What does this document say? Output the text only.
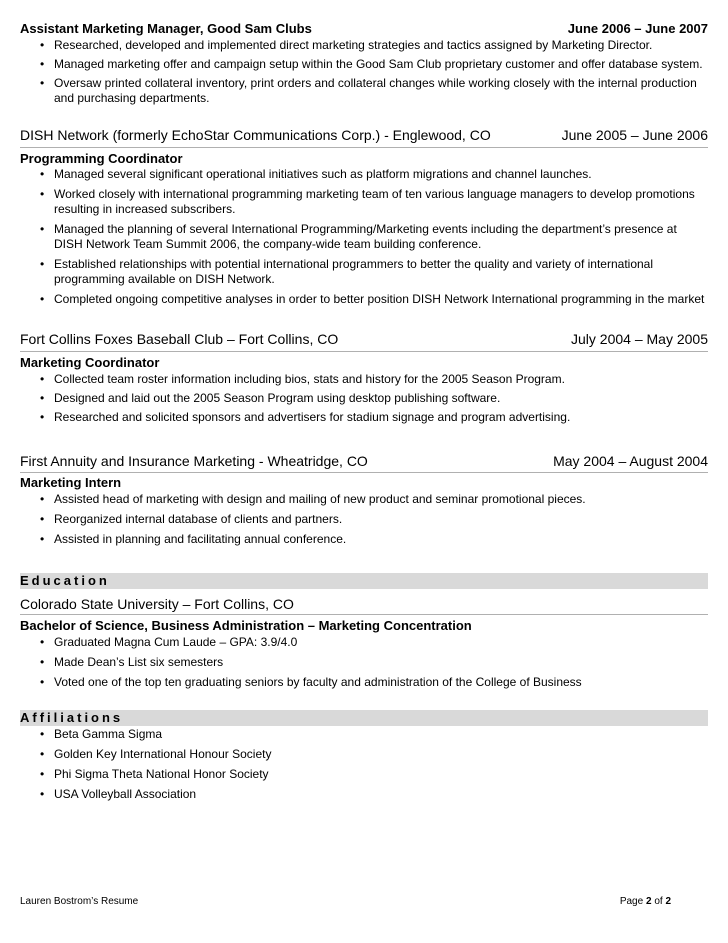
Assistant Marketing Manager, Good Sam Clubs	June 2006 – June 2007
• Researched, developed and implemented direct marketing strategies and tactics assigned by Marketing Director.
• Managed marketing offer and campaign setup within the Good Sam Club proprietary customer and offer database system.
• Oversaw printed collateral inventory, print orders and collateral changes while working closely with the internal production and purchasing departments.
DISH Network (formerly EchoStar Communications Corp.) - Englewood, CO	June 2005 – June 2006
Programming Coordinator
• Managed several significant operational initiatives such as platform migrations and channel launches.
• Worked closely with international programming marketing team of ten various language managers to develop promotions resulting in increased subscribers.
• Managed the planning of several International Programming/Marketing events including the department’s presence at DISH Network Team Summit 2006, the company-wide team building conference.
• Established relationships with potential international programmers to better the quality and variety of international programming available on DISH Network.
• Completed ongoing competitive analyses in order to better position DISH Network International programming in the market
Fort Collins Foxes Baseball Club – Fort Collins, CO	July 2004 – May 2005
Marketing Coordinator
• Collected team roster information including bios, stats and history for the 2005 Season Program.
• Designed and laid out the 2005 Season Program using desktop publishing software.
• Researched and solicited sponsors and advertisers for stadium signage and program advertising.
First Annuity and Insurance Marketing - Wheatridge, CO	May 2004 – August 2004
Marketing Intern
• Assisted head of marketing with design and mailing of new product and seminar promotional pieces.
• Reorganized internal database of clients and partners.
• Assisted in planning and facilitating annual conference.
Education
Colorado State University – Fort Collins, CO
Bachelor of Science, Business Administration – Marketing Concentration
• Graduated Magna Cum Laude – GPA: 3.9/4.0
• Made Dean’s List six semesters
• Voted one of the top ten graduating seniors by faculty and administration of the College of Business
Affiliations
• Beta Gamma Sigma
• Golden Key International Honour Society
• Phi Sigma Theta National Honor Society
• USA Volleyball Association
Lauren Bostrom’s Resume	Page 2 of 2
